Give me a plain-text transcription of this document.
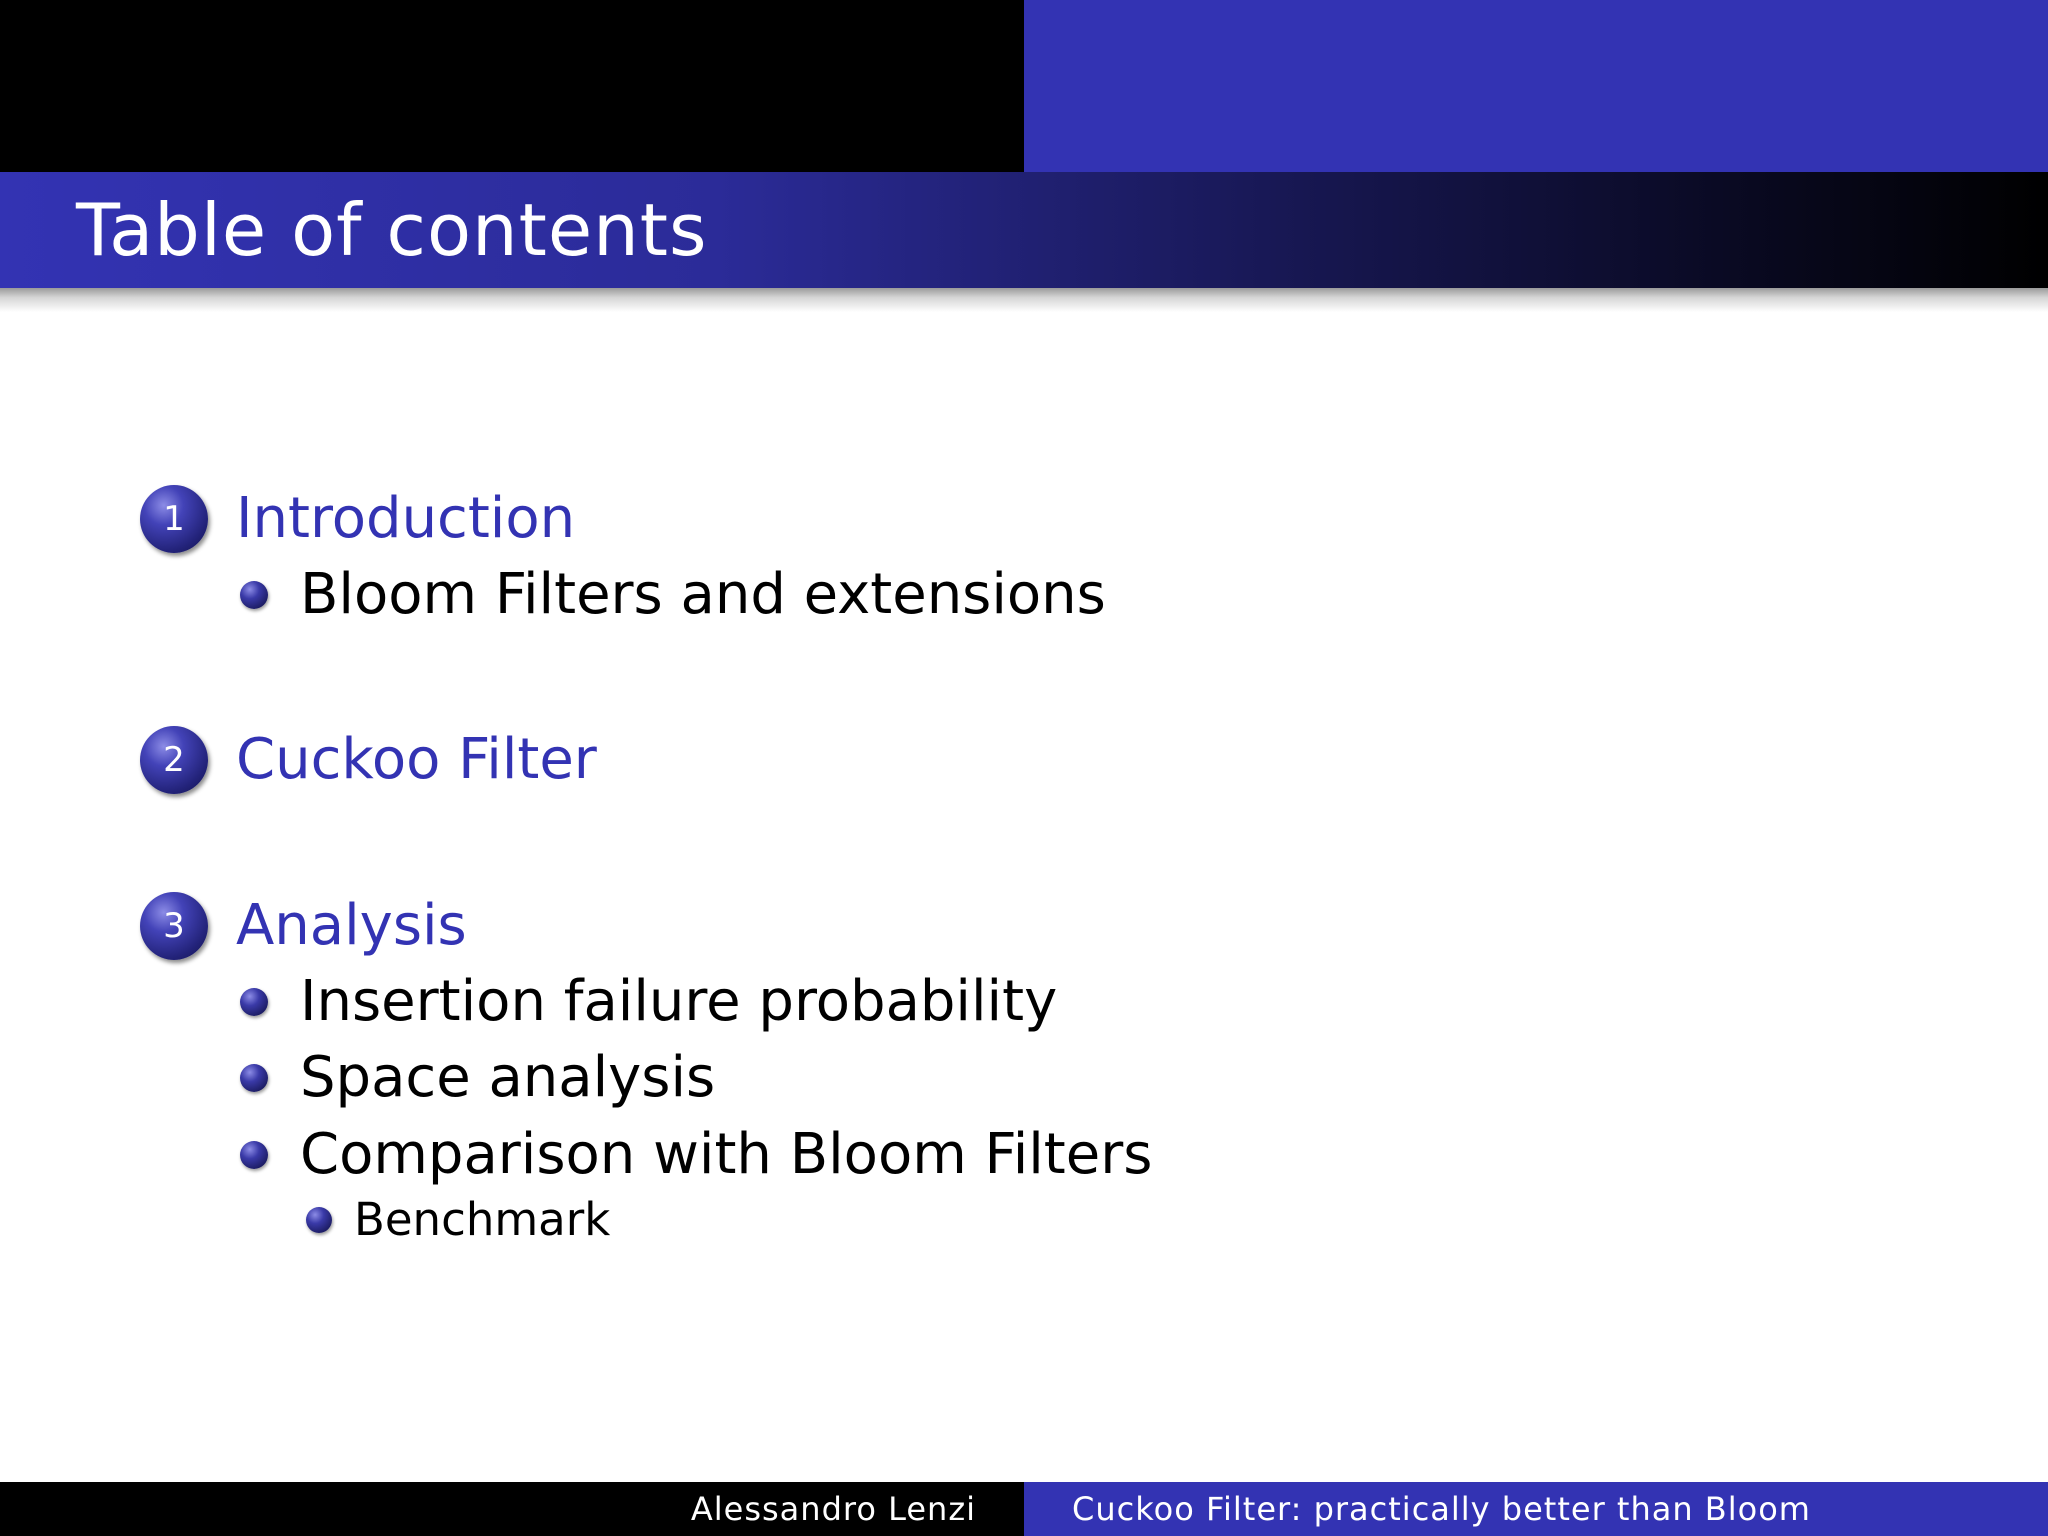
Table of contents
1 Introduction
Bloom Filters and extensions
2 Cuckoo Filter
3 Analysis
Insertion failure probability
Space analysis
Comparison with Bloom Filters
Benchmark
Alessandro Lenzi	Cuckoo Filter: practically better than Bloom
